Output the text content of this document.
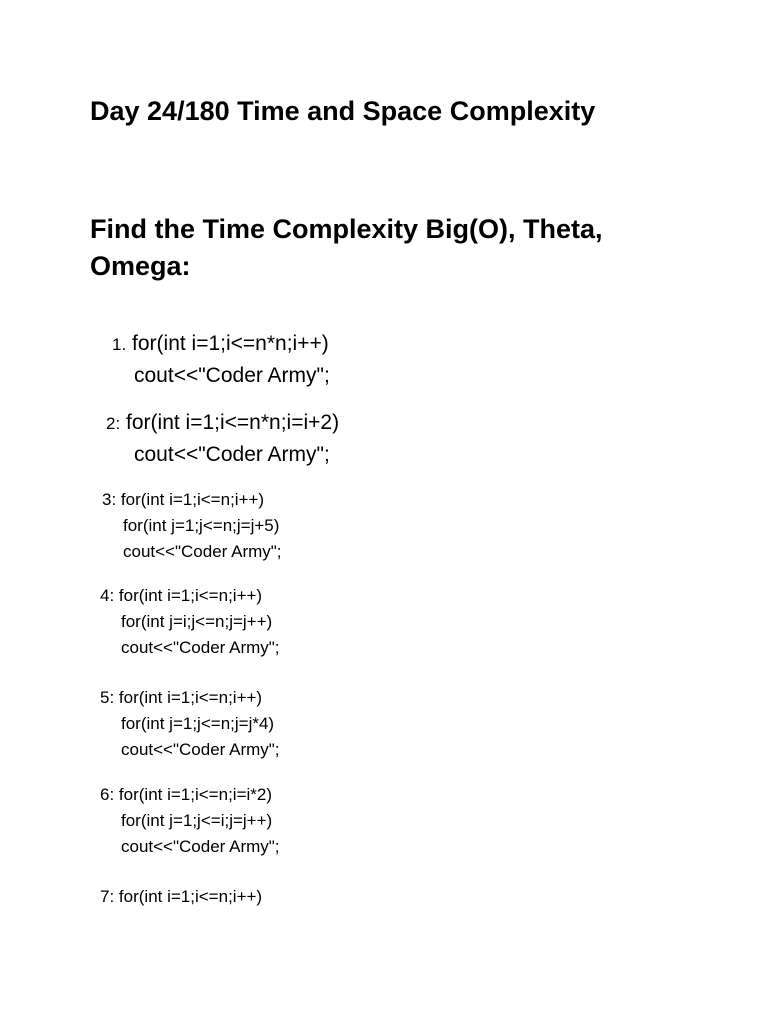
Day 24/180 Time and Space Complexity
Find the Time Complexity Big(O), Theta, Omega:
1. for(int i=1;i<=n*n;i++)
cout<<"Coder Army";
2: for(int i=1;i<=n*n;i=i+2)
cout<<"Coder Army";
3: for(int i=1;i<=n;i++)
for(int j=1;j<=n;j=j+5)
cout<<"Coder Army";
4: for(int i=1;i<=n;i++)
for(int j=i;j<=n;j=j++)
cout<<"Coder Army";
5: for(int i=1;i<=n;i++)
for(int j=1;j<=n;j=j*4)
cout<<"Coder Army";
6: for(int i=1;i<=n;i=i*2)
for(int j=1;j<=i;j=j++)
cout<<"Coder Army";
7: for(int i=1;i<=n;i++)
